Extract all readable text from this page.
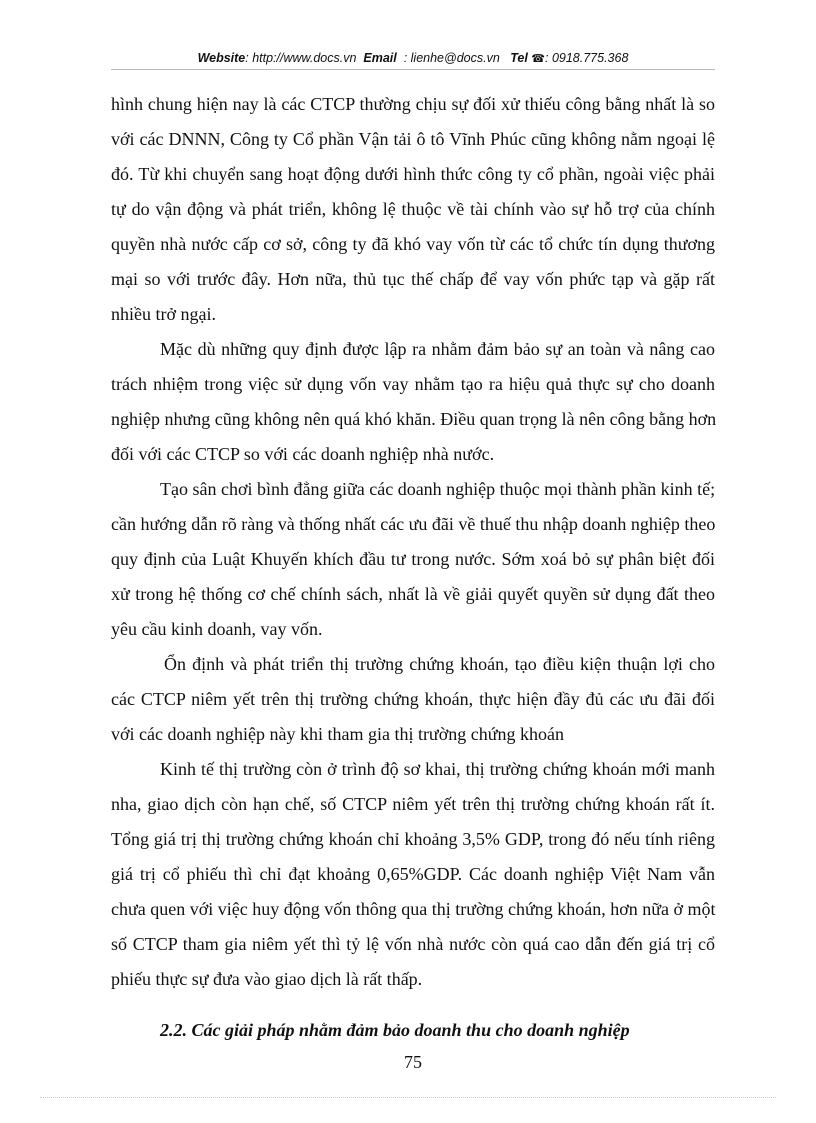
Website: http://www.docs.vn Email : lienhe@docs.vn Tel ☎: 0918.775.368
hình chung hiện nay là các CTCP thường chịu sự đối xử thiếu công bằng nhất là so
với các DNNN, Công ty Cổ phần Vận tải ô tô Vĩnh Phúc cũng không nằm ngoại lệ
đó. Từ khi chuyển sang hoạt động dưới hình thức công ty cổ phần, ngoài việc phải
tự do vận động và phát triển, không lệ thuộc về tài chính vào sự hỗ trợ của chính
quyền nhà nước cấp cơ sở, công ty đã khó vay vốn từ các tổ chức tín dụng thương
mại so với trước đây. Hơn nữa, thủ tục thế chấp để vay vốn phức tạp và gặp rất
nhiều trở ngại.
Mặc dù những quy định được lập ra nhằm đảm bảo sự an toàn và nâng cao
trách nhiệm trong việc sử dụng vốn vay nhằm tạo ra hiệu quả thực sự cho doanh
nghiệp nhưng cũng không nên quá khó khăn. Điều quan trọng là nên công bằng hơn
đối với các CTCP so với các doanh nghiệp nhà nước.
Tạo sân chơi bình đẳng giữa các doanh nghiệp thuộc mọi thành phần kinh tế;
cần hướng dẫn rõ ràng và thống nhất các ưu đãi về thuế thu nhập doanh nghiệp theo
quy định của Luật Khuyến khích đầu tư trong nước. Sớm xoá bỏ sự phân biệt đối
xử trong hệ thống cơ chế chính sách, nhất là về giải quyết quyền sử dụng đất theo
yêu cầu kinh doanh, vay vốn.
Ổn định và phát triển thị trường chứng khoán, tạo điều kiện thuận lợi cho
các CTCP niêm yết trên thị trường chứng khoán, thực hiện đầy đủ các ưu đãi đối
với các doanh nghiệp này khi tham gia thị trường chứng khoán
Kinh tế thị trường còn ở trình độ sơ khai, thị trường chứng khoán mới manh
nha, giao dịch còn hạn chế, số CTCP niêm yết trên thị trường chứng khoán rất ít.
Tổng giá trị thị trường chứng khoán chỉ khoảng 3,5% GDP, trong đó nếu tính riêng
giá trị cổ phiếu thì chỉ đạt khoảng 0,65%GDP. Các doanh nghiệp Việt Nam vẫn
chưa quen với việc huy động vốn thông qua thị trường chứng khoán, hơn nữa ở một
số CTCP tham gia niêm yết thì tỷ lệ vốn nhà nước còn quá cao dẫn đến giá trị cổ
phiếu thực sự đưa vào giao dịch là rất thấp.
2.2. Các giải pháp nhằm đảm bảo doanh thu cho doanh nghiệp
75
